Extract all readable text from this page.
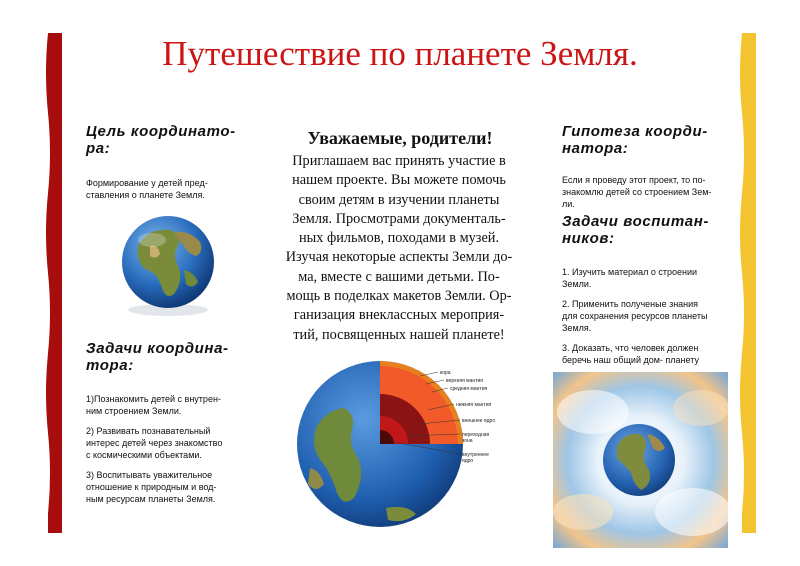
Путешествие по планете Земля.

Цель координато-
ра:

Формирование у детей пред-
ставления о планете Земля.

Задачи координа-
тора:

1)Познакомить детей с внутрен-
ним строением Земли.

2) Развивать познавательный
интерес детей через знакомство
с космическими объектами.

3) Воспитывать уважительное
отношение к природным и вод-
ным ресурсам планеты Земля.

Уважаемые, родители!

Приглашаем вас принять участие в
нашем проекте. Вы можете помочь
своим детям в изучении планеты
Земля. Просмотрами документаль-
ных фильмов, походами в музей.
Изучая некоторые аспекты Земли до-
ма, вместе с вашими детьми. По-
мощь в поделках макетов Земли. Ор-
ганизация внеклассных мероприя-
тий, посвященных нашей планете!

кора
верхняя мантия
средняя мантия
нижняя мантия
внешнее ядро
переходная зона
внутреннее ядро

Гипотеза коорди-
натора:

Если я проведу этот проект, то по-
знакомлю детей со строением Зем-
ли.

Задачи воспитан-
ников:

1. Изучить материал о строении
Земли.

2. Применить полученые знания
для сохранения ресурсов планеты
Земля.

3. Доказать, что человек должен
беречь наш общий дом- планету
